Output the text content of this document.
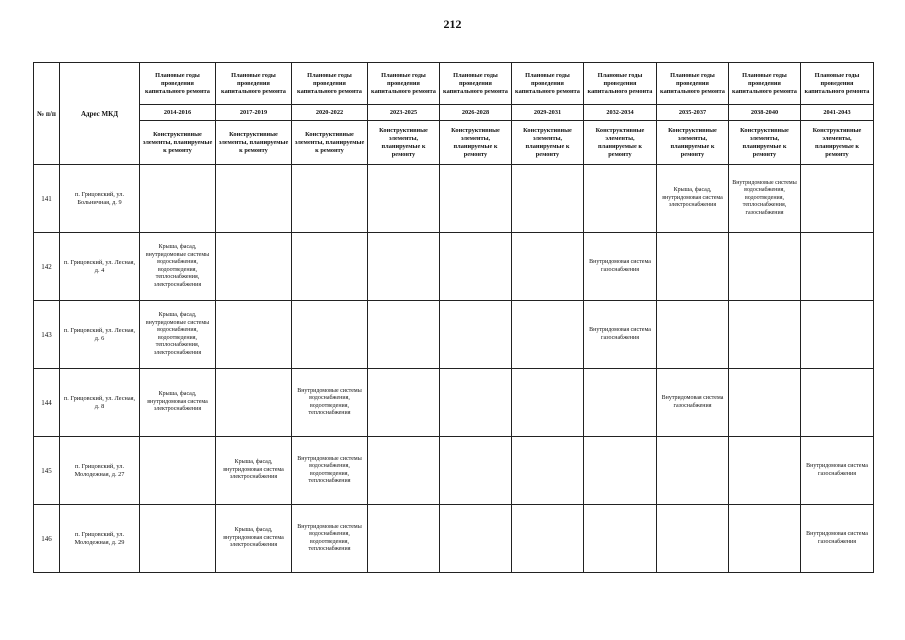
212
№ п/п	Адрес МКД	Плановые годы проведения капитального ремонта	Плановые годы проведения капитального ремонта	Плановые годы проведения капитального ремонта	Плановые годы проведения капитального ремонта	Плановые годы проведения капитального ремонта	Плановые годы проведения капитального ремонта	Плановые годы проведения капитального ремонта	Плановые годы проведения капитального ремонта	Плановые годы проведения капитального ремонта	Плановые годы проведения капитального ремонта
		2014-2016	2017-2019	2020-2022	2023-2025	2026-2028	2029-2031	2032-2034	2035-2037	2038-2040	2041-2043
		Конструктивные элементы, планируемые к ремонту	Конструктивные элементы, планируемые к ремонту	Конструктивные элементы, планируемые к ремонту	Конструктивные элементы, планируемые к ремонту	Конструктивные элементы, планируемые к ремонту	Конструктивные элементы, планируемые к ремонту	Конструктивные элементы, планируемые к ремонту	Конструктивные элементы, планируемые к ремонту	Конструктивные элементы, планируемые к ремонту	Конструктивные элементы, планируемые к ремонту
141	п. Грицовский, ул. Больничная, д. 9								Крыша, фасад, внутридомовая система электроснабжения	Внутридомовые системы водоснабжения, водоотведения, теплоснабжения, газоснабжения	
142	п. Грицовский, ул. Лесная, д. 4	Крыша, фасад, внутридомовые системы водоснабжения, водоотведения, теплоснабжения, электроснабжения						Внутридомовая система газоснабжения			
143	п. Грицовский, ул. Лесная, д. 6	Крыша, фасад, внутридомовые системы водоснабжения, водоотведения, теплоснабжения, электроснабжения						Внутридомовая система газоснабжения			
144	п. Грицовский, ул. Лесная, д. 8	Крыша, фасад, внутридомовая система электроснабжения		Внутридомовые системы водоснабжения, водоотведения, теплоснабжения					Внутридомовая система газоснабжения		
145	п. Грицовский, ул. Молодежная, д. 27		Крыша, фасад, внутридомовая система электроснабжения	Внутридомовые системы водоснабжения, водоотведения, теплоснабжения							Внутридомовая система газоснабжения
146	п. Грицовский, ул. Молодежная, д. 29		Крыша, фасад, внутридомовая система электроснабжения	Внутридомовые системы водоснабжения, водоотведения, теплоснабжения							Внутридомовая система газоснабжения
